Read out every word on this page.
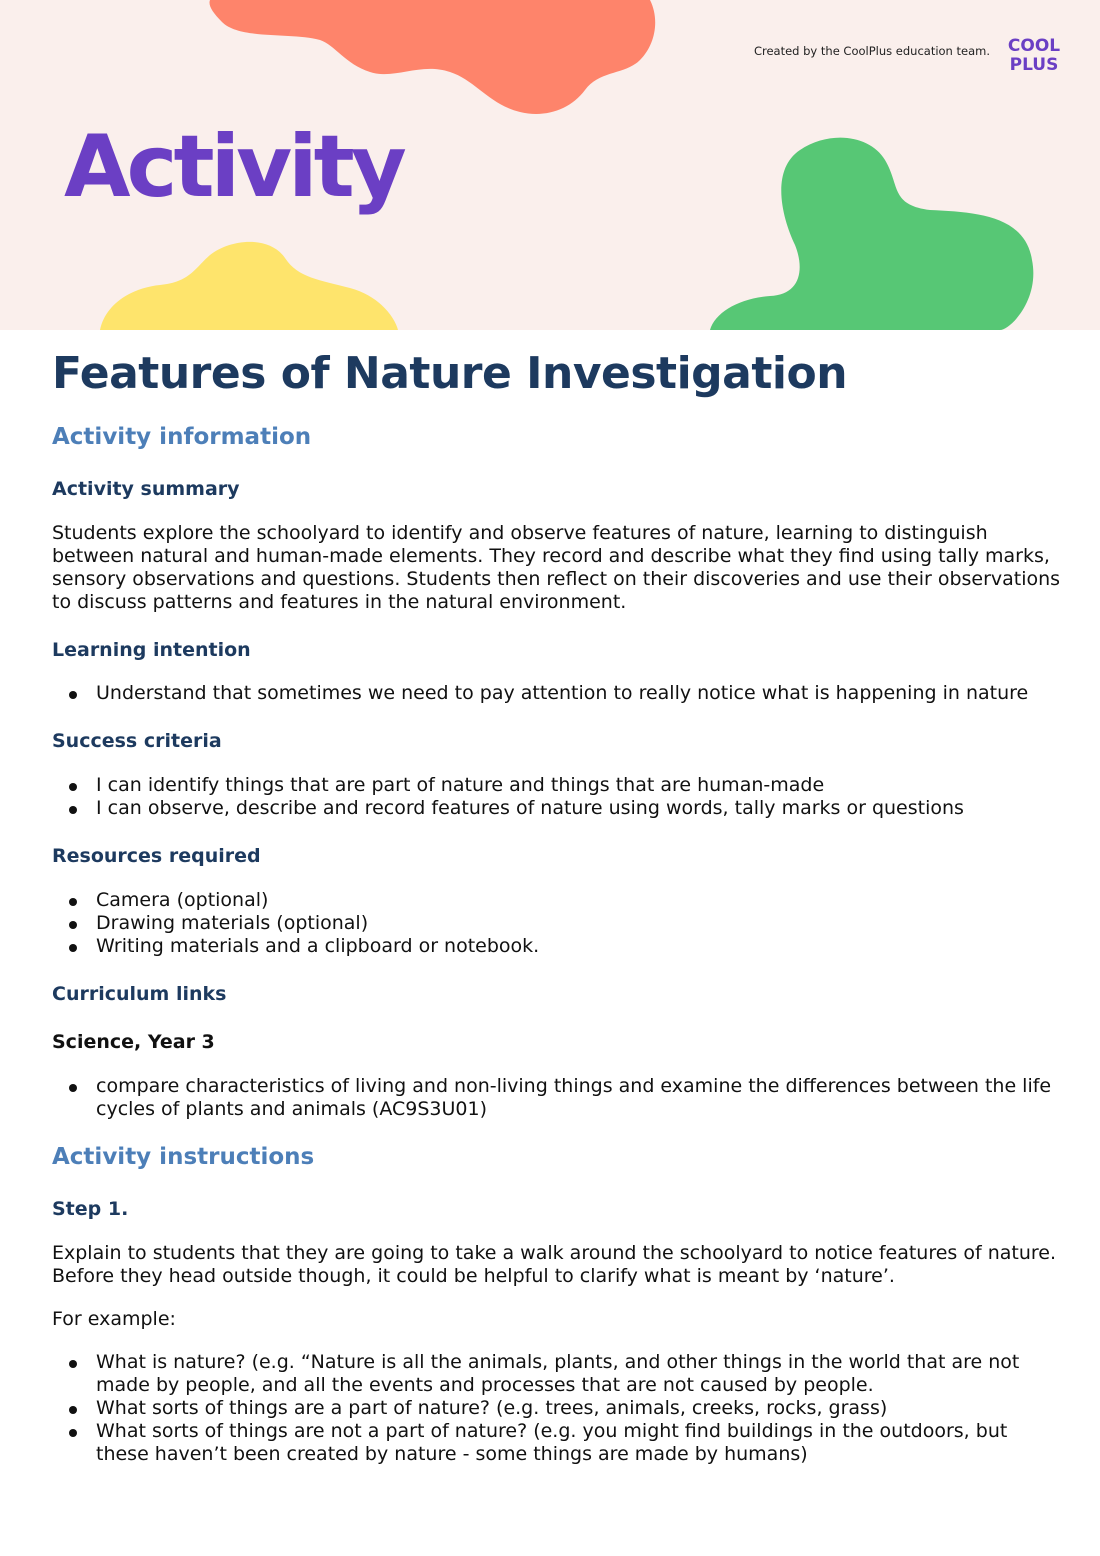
Created by the CoolPlus education team. COOL
PLUS
Activity
Features of Nature Investigation
Activity information
Activity summary

Students explore the schoolyard to identify and observe features of nature, learning to distinguish between natural and human-made elements. They record and describe what they find using tally marks, sensory observations and questions. Students then reflect on their discoveries and use their observations to discuss patterns and features in the natural environment.

Learning intention
Understand that sometimes we need to pay attention to really notice what is happening in nature
Success criteria
I can identify things that are part of nature and things that are human-made
I can observe, describe and record features of nature using words, tally marks or questions
Resources required
Camera (optional)
Drawing materials (optional)
Writing materials and a clipboard or notebook.
Curriculum links
Science, Year 3
compare characteristics of living and non-living things and examine the differences between the life cycles of plants and animals (AC9S3U01)
Activity instructions
Step 1.

Explain to students that they are going to take a walk around the schoolyard to notice features of nature. Before they head outside though, it could be helpful to clarify what is meant by ‘nature’.

For example:

What is nature? (e.g. “Nature is all the animals, plants, and other things in the world that are not made by people, and all the events and processes that are not caused by people.
What sorts of things are a part of nature? (e.g. trees, animals, creeks, rocks, grass)
What sorts of things are not a part of nature? (e.g. you might find buildings in the outdoors, but these haven’t been created by nature - some things are made by humans)
